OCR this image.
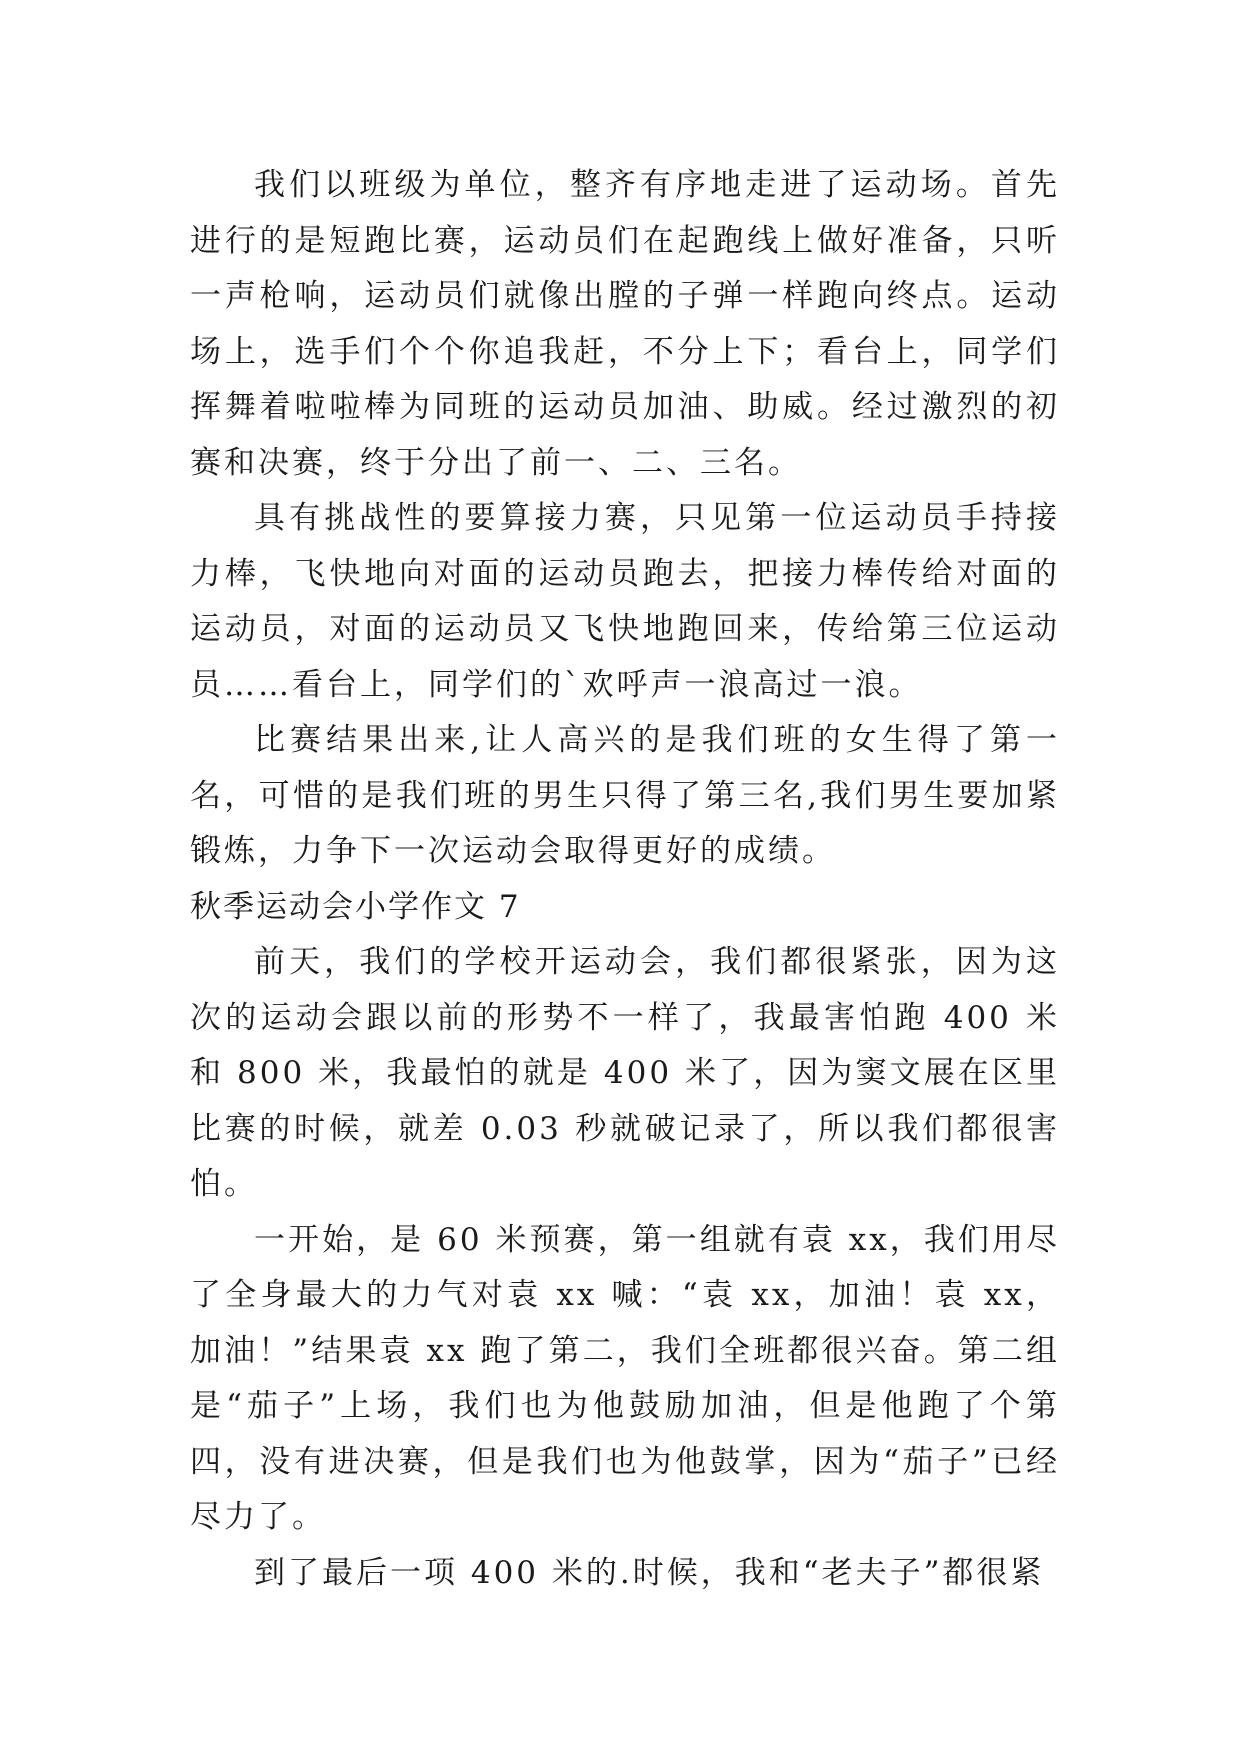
我们以班级为单位，整齐有序地走进了运动场。首先进行的是短跑比赛，运动员们在起跑线上做好准备，只听一声枪响，运动员们就像出膛的子弹一样跑向终点。运动场上，选手们个个你追我赶，不分上下；看台上，同学们挥舞着啦啦棒为同班的运动员加油、助威。经过激烈的初赛和决赛，终于分出了前一、二、三名。

具有挑战性的要算接力赛，只见第一位运动员手持接力棒，飞快地向对面的运动员跑去，把接力棒传给对面的运动员，对面的运动员又飞快地跑回来，传给第三位运动员……看台上，同学们的`欢呼声一浪高过一浪。

比赛结果出来,让人高兴的是我们班的女生得了第一名，可惜的是我们班的男生只得了第三名,我们男生要加紧锻炼，力争下一次运动会取得更好的成绩。

秋季运动会小学作文 7

前天，我们的学校开运动会，我们都很紧张，因为这次的运动会跟以前的形势不一样了，我最害怕跑 400 米和 800 米，我最怕的就是 400 米了，因为窦文展在区里比赛的时候，就差 0.03 秒就破记录了，所以我们都很害怕。

一开始，是 60 米预赛，第一组就有袁 xx，我们用尽了全身最大的力气对袁 xx 喊：“袁 xx，加油！袁 xx，加油！”结果袁 xx 跑了第二，我们全班都很兴奋。第二组是“茄子”上场，我们也为他鼓励加油，但是他跑了个第四，没有进决赛，但是我们也为他鼓掌，因为“茄子”已经尽力了。

到了最后一项 400 米的.时候，我和“老夫子”都很紧
